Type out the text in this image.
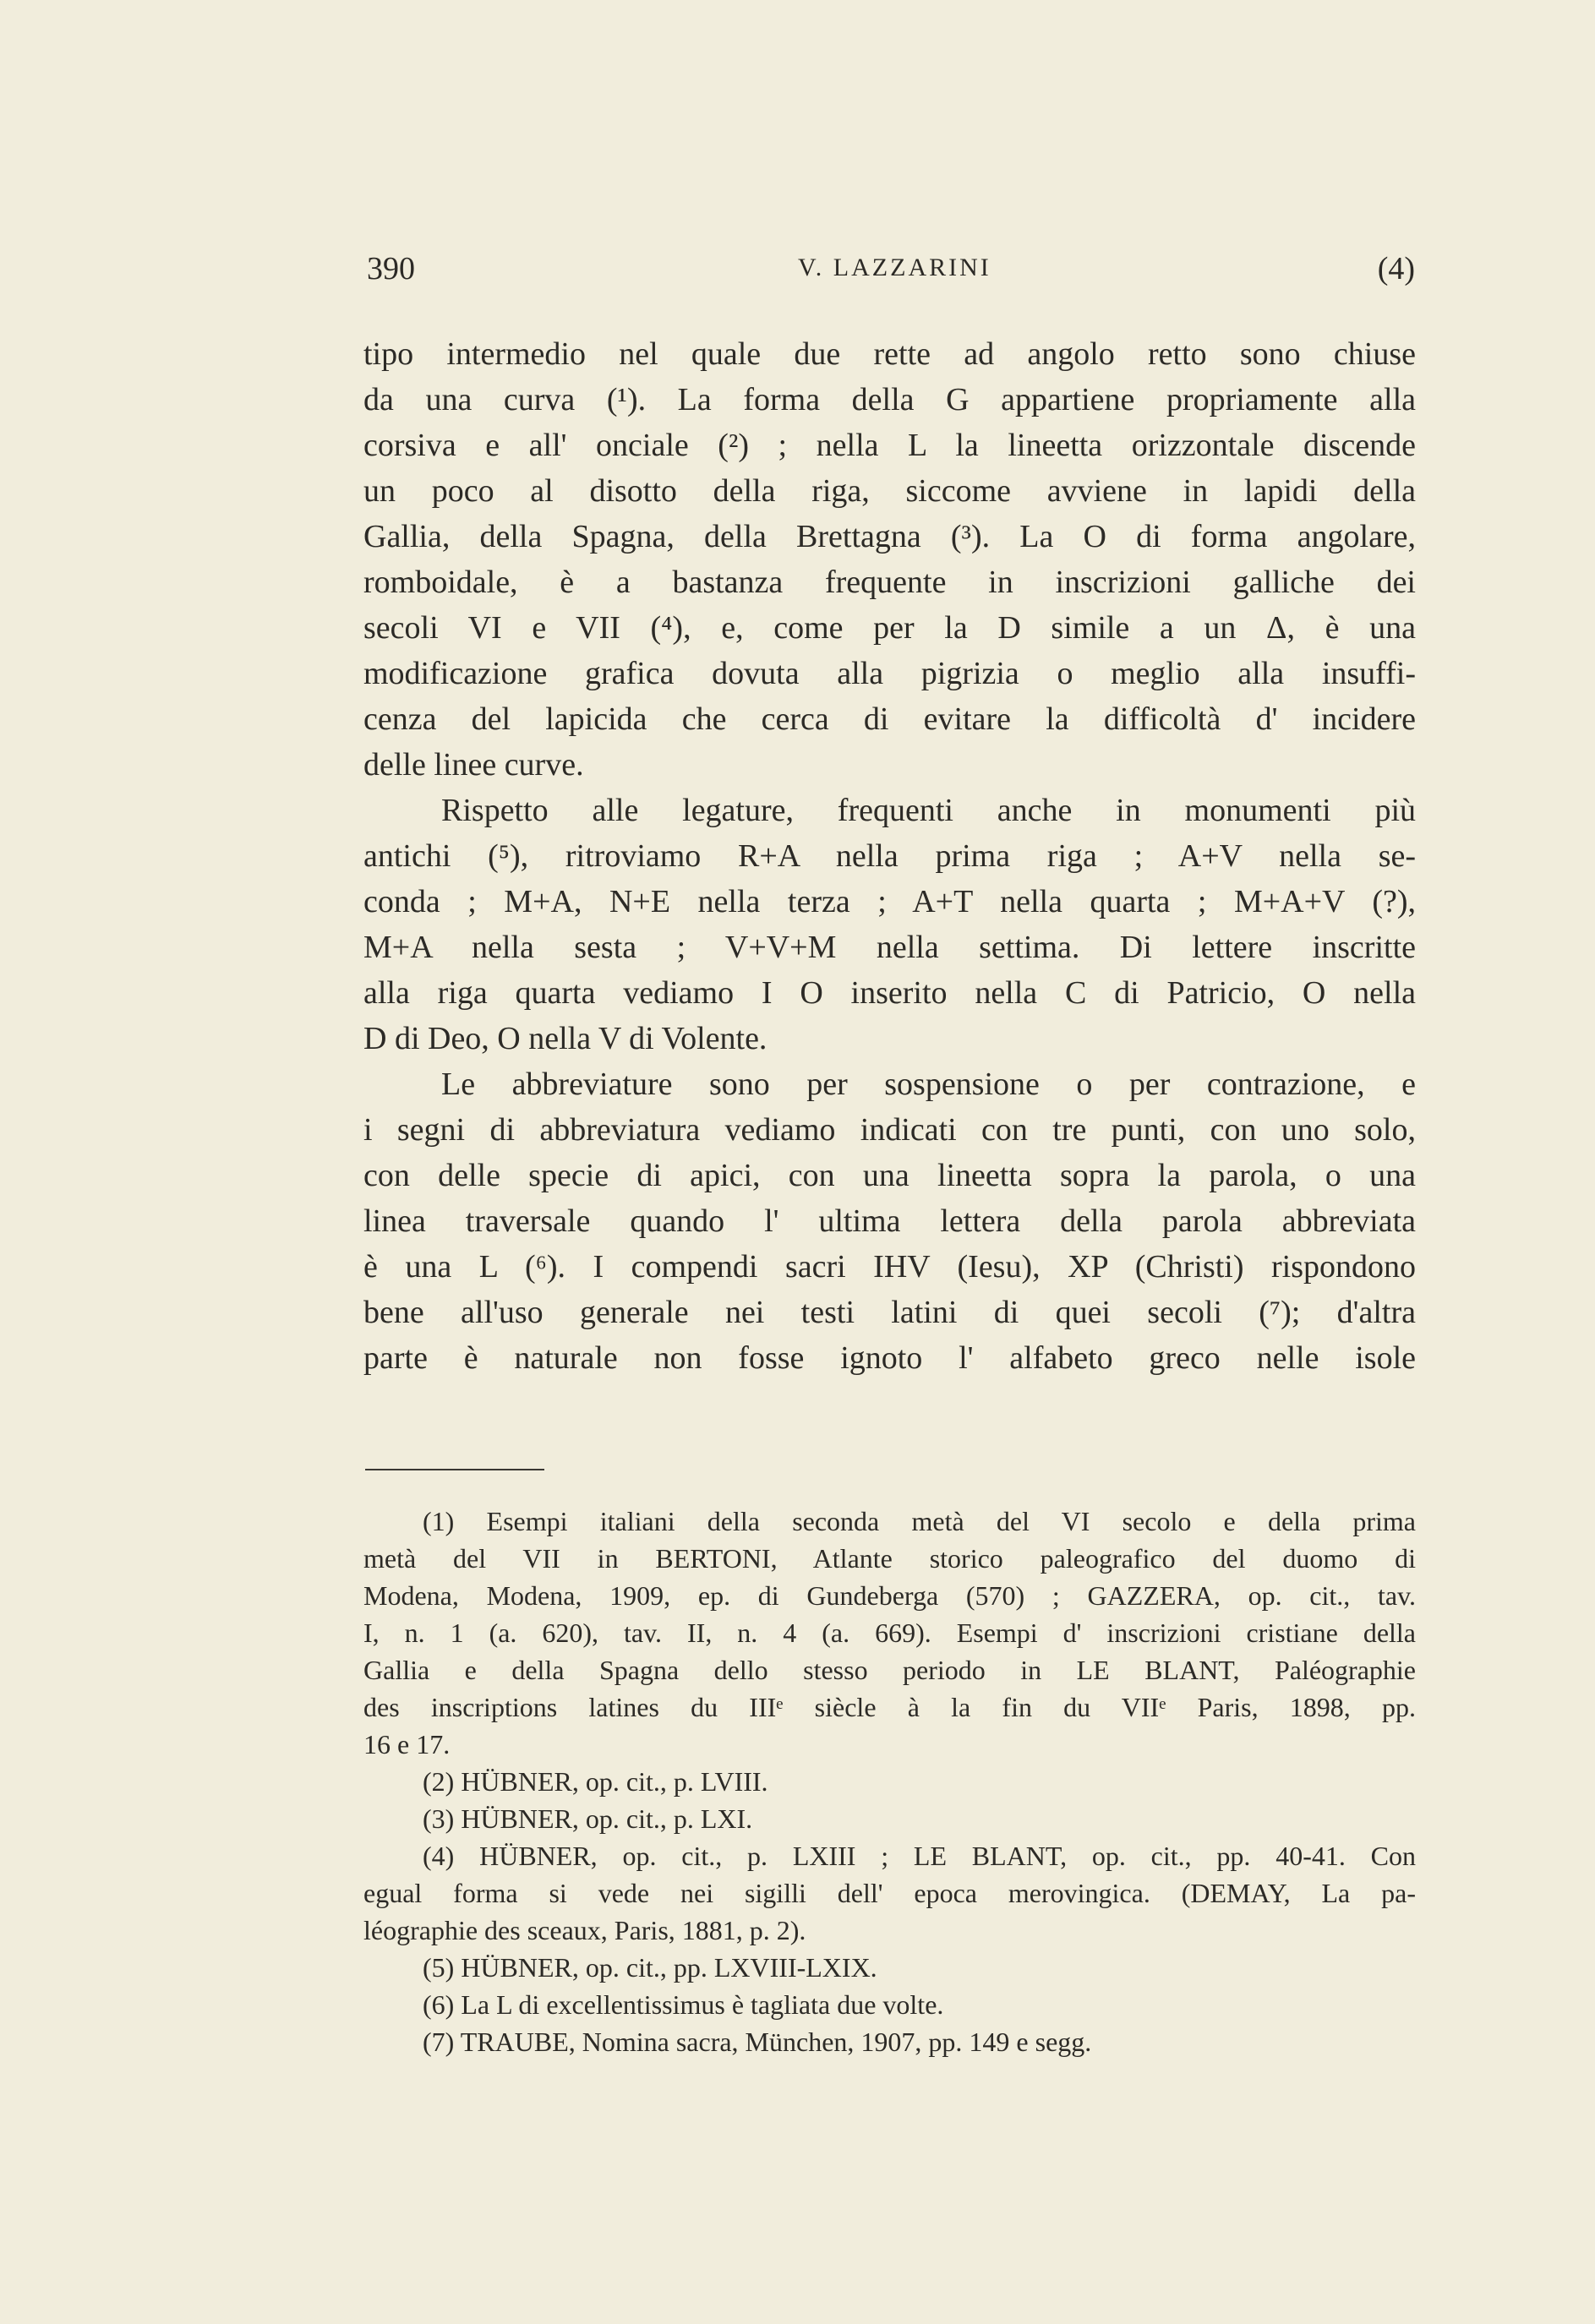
390	V. LAZZARINI	(4)
tipo intermedio nel quale due rette ad angolo retto sono chiuse
da una curva (¹). La forma della G appartiene propriamente alla
corsiva e all' onciale (²) ; nella L la lineetta orizzontale discende
un poco al disotto della riga, siccome avviene in lapidi della
Gallia, della Spagna, della Brettagna (³). La O di forma angolare,
romboidale, è a bastanza frequente in inscrizioni galliche dei
secoli VI e VII (⁴), e, come per la D simile a un Δ, è una
modificazione grafica dovuta alla pigrizia o meglio alla insuffi-
cenza del lapicida che cerca di evitare la difficoltà d' incidere
delle linee curve.
Rispetto alle legature, frequenti anche in monumenti più
antichi (⁵), ritroviamo R+A nella prima riga ; A+V nella se-
conda ; M+A, N+E nella terza ; A+T nella quarta ; M+A+V (?),
M+A nella sesta ; V+V+M nella settima. Di lettere inscritte
alla riga quarta vediamo I O inserito nella C di Patricio, O nella
D di Deo, O nella V di Volente.
Le abbreviature sono per sospensione o per contrazione, e
i segni di abbreviatura vediamo indicati con tre punti, con uno solo,
con delle specie di apici, con una lineetta sopra la parola, o una
linea traversale quando l' ultima lettera della parola abbreviata
è una L (⁶). I compendi sacri IHV (Iesu), XP (Christi) rispondono
bene all'uso generale nei testi latini di quei secoli (⁷); d'altra
parte è naturale non fosse ignoto l' alfabeto greco nelle isole
(1) Esempi italiani della seconda metà del VI secolo e della prima
metà del VII in BERTONI, Atlante storico paleografico del duomo di
Modena, Modena, 1909, ep. di Gundeberga (570) ; GAZZERA, op. cit., tav.
I, n. 1 (a. 620), tav. II, n. 4 (a. 669). Esempi d' inscrizioni cristiane della
Gallia e della Spagna dello stesso periodo in LE BLANT, Paléographie
des inscriptions latines du IIIᵉ siècle à la fin du VIIᵉ Paris, 1898, pp.
16 e 17.
(2) HÜBNER, op. cit., p. LVIII.
(3) HÜBNER, op. cit., p. LXI.
(4) HÜBNER, op. cit., p. LXIII ; LE BLANT, op. cit., pp. 40-41. Con
egual forma si vede nei sigilli dell' epoca merovingica. (DEMAY, La pa-
léographie des sceaux, Paris, 1881, p. 2).
(5) HÜBNER, op. cit., pp. LXVIII-LXIX.
(6) La L di excellentissimus è tagliata due volte.
(7) TRAUBE, Nomina sacra, München, 1907, pp. 149 e segg.
